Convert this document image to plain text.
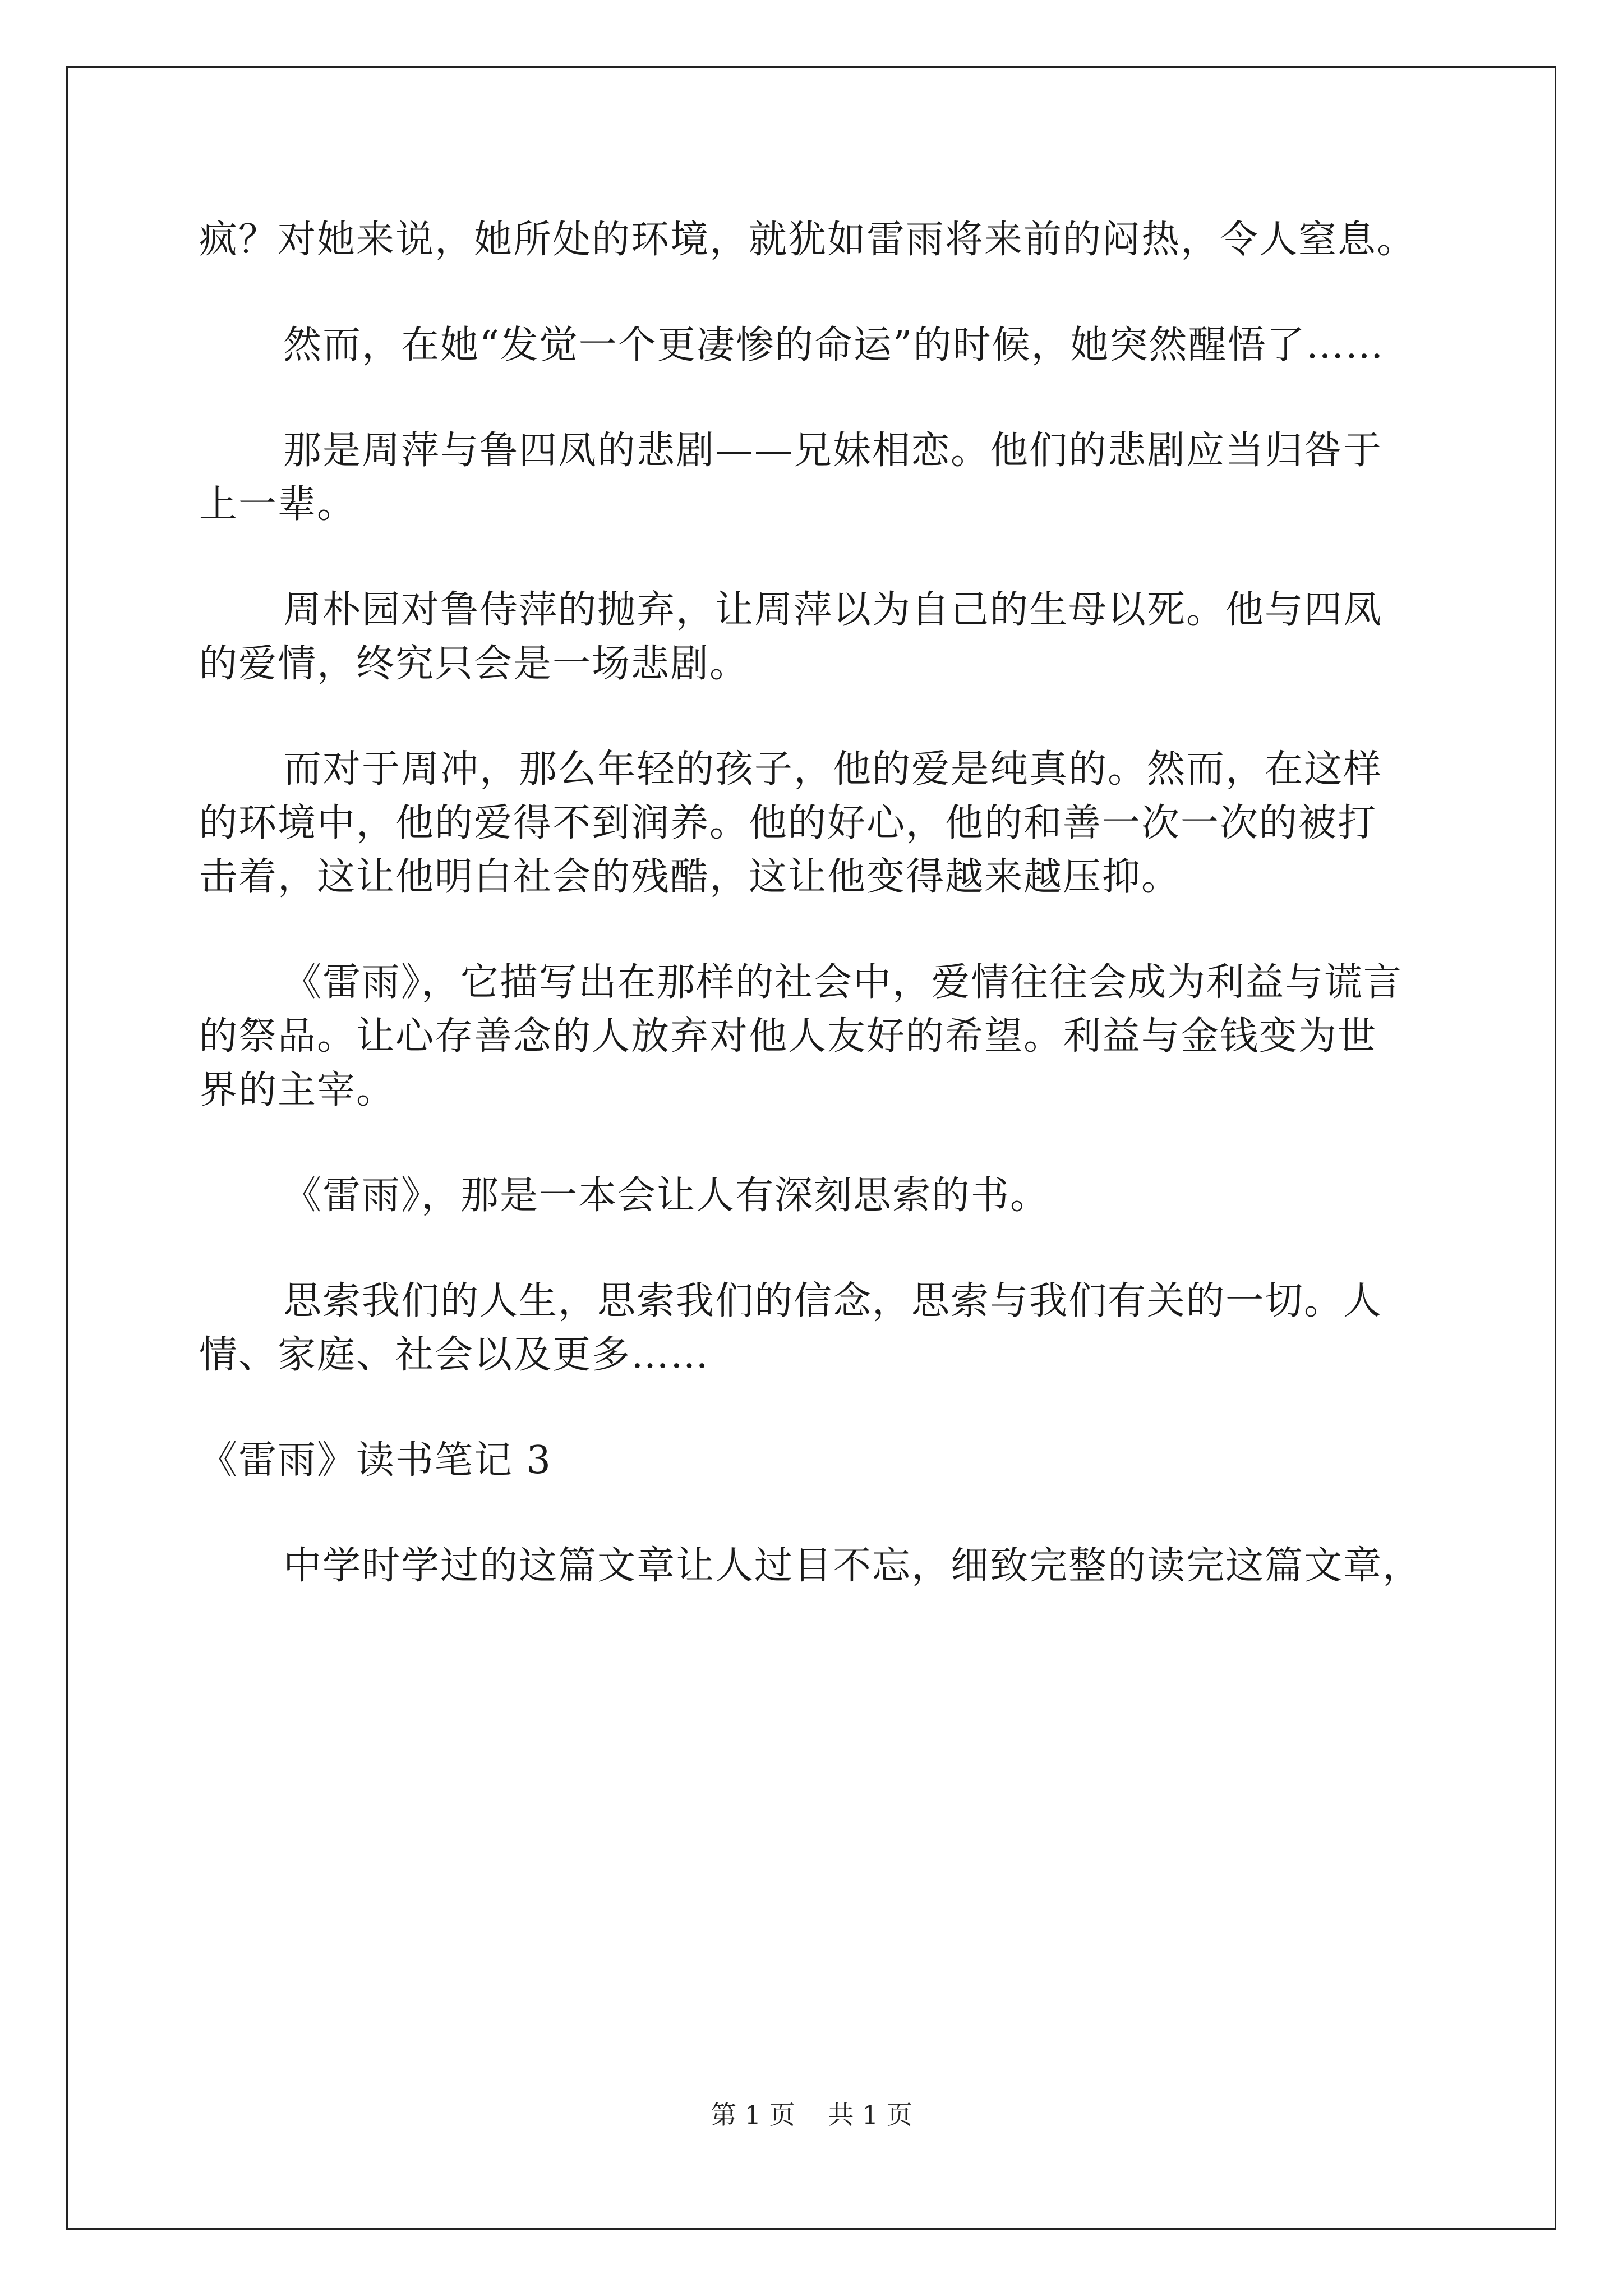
疯？对她来说，她所处的环境，就犹如雷雨将来前的闷热，令人窒息。

然而，在她“发觉一个更凄惨的命运”的时候，她突然醒悟了……

那是周萍与鲁四凤的悲剧——兄妹相恋。他们的悲剧应当归咎于

上一辈。

周朴园对鲁侍萍的抛弃，让周萍以为自己的生母以死。他与四凤

的爱情，终究只会是一场悲剧。

而对于周冲，那么年轻的孩子，他的爱是纯真的。然而，在这样

的环境中，他的爱得不到润养。他的好心，他的和善一次一次的被打

击着，这让他明白社会的残酷，这让他变得越来越压抑。

《雷雨》，它描写出在那样的社会中，爱情往往会成为利益与谎言

的祭品。让心存善念的人放弃对他人友好的希望。利益与金钱变为世

界的主宰。

《雷雨》，那是一本会让人有深刻思索的书。

思索我们的人生，思索我们的信念，思索与我们有关的一切。人

情、家庭、社会以及更多……

《雷雨》读书笔记 3

中学时学过的这篇文章让人过目不忘，细致完整的读完这篇文章，

第 1 页 共 1 页
